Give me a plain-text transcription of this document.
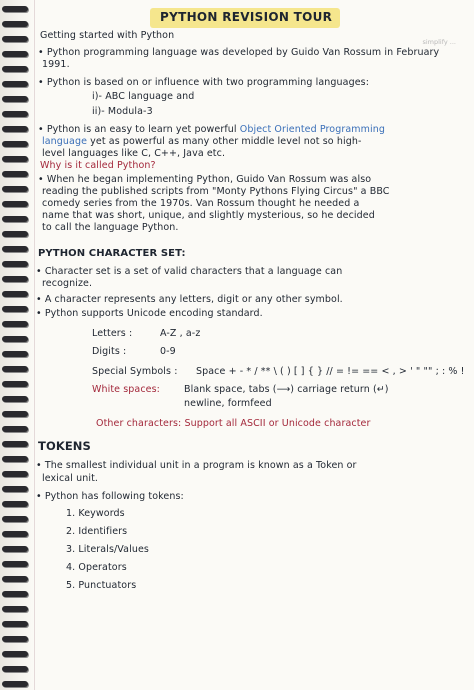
PYTHON REVISION TOUR
simplify ...
Getting started with Python
• Python programming language was developed by Guido Van Rossum in February
1991.
• Python is based on or influence with two programming languages:
i)- ABC language and
ii)- Modula-3
• Python is an easy to learn yet powerful Object Oriented Programming
language yet as powerful as many other middle level not so high-
level languages like C, C++, Java etc.
Why is it called Python?
• When he began implementing Python, Guido Van Rossum was also
reading the published scripts from "Monty Pythons Flying Circus" a BBC
comedy series from the 1970s. Van Rossum thought he needed a
name that was short, unique, and slightly mysterious, so he decided
to call the language Python.
PYTHON CHARACTER SET:
• Character set is a set of valid characters that a language can
recognize.
• A character represents any letters, digit or any other symbol.
• Python supports Unicode encoding standard.
Letters :	A-Z , a-z
Digits :	0-9
Special Symbols : Space + - * / ** \ ( ) [ ] { } // = != == < , > ' " "" ; : % !
White spaces:	Blank space, tabs (⟶) carriage return (↵)
newline, formfeed
Other characters: Support all ASCII or Unicode character
TOKENS
• The smallest individual unit in a program is known as a Token or
lexical unit.
• Python has following tokens:
1. Keywords
2. Identifiers
3. Literals/Values
4. Operators
5. Punctuators
